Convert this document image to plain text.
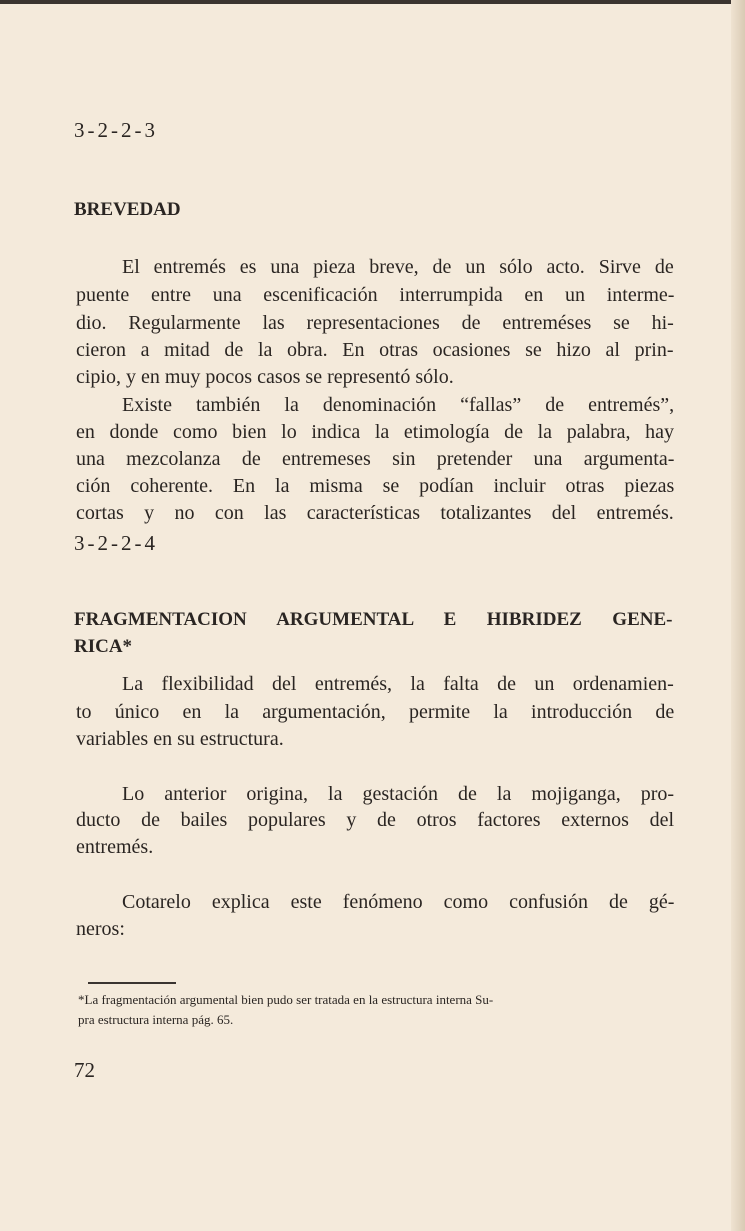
3-2-2-3
BREVEDAD
El entremés es una pieza breve, de un sólo acto. Sirve de
puente entre una escenificación interrumpida en un interme-
dio. Regularmente las representaciones de entreméses se hi-
cieron a mitad de la obra. En otras ocasiones se hizo al prin-
cipio, y en muy pocos casos se representó sólo.
Existe también la denominación “fallas” de entremés”,
en donde como bien lo indica la etimología de la palabra, hay
una mezcolanza de entremeses sin pretender una argumenta-
ción coherente. En la misma se podían incluir otras piezas
cortas y no con las características totalizantes del entremés.
3-2-2-4
FRAGMENTACION ARGUMENTAL E HIBRIDEZ GENE-
RICA*
La flexibilidad del entremés, la falta de un ordenamien-
to único en la argumentación, permite la introducción de
variables en su estructura.
Lo anterior origina, la gestación de la mojiganga, pro-
ducto de bailes populares y de otros factores externos del
entremés.
Cotarelo explica este fenómeno como confusión de gé-
neros:
*La fragmentación argumental bien pudo ser tratada en la estructura interna Su-
pra estructura interna pág. 65.
72
